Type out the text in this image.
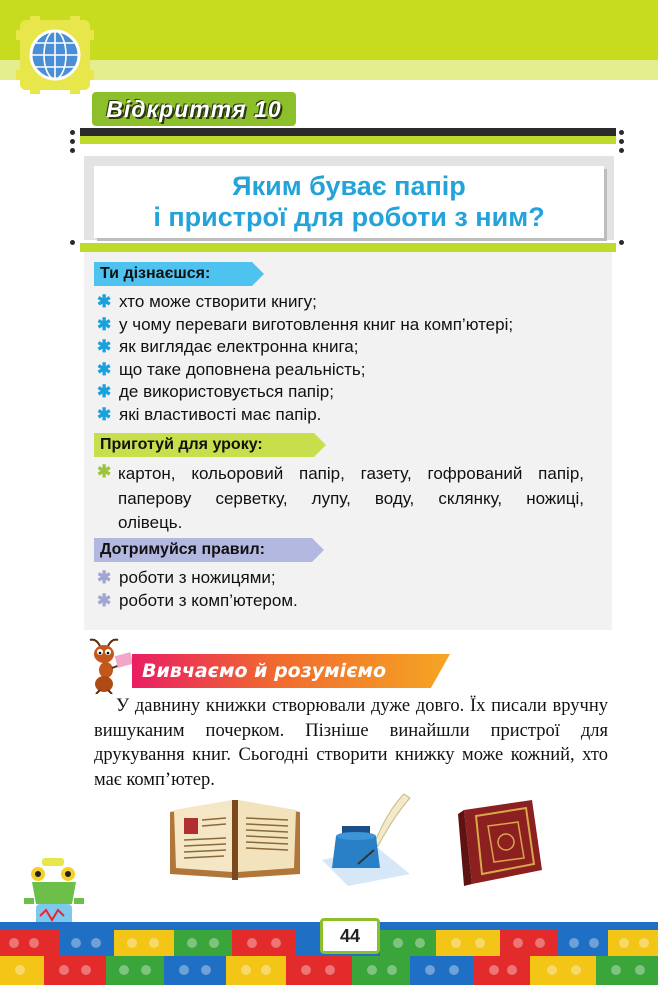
Відкриття 10
Яким буває папір
і пристрої для роботи з ним?
Ти дізнаєшся:
✱ хто може створити книгу;
✱ у чому переваги виготовлення книг на комп’ютері;
✱ як виглядає електронна книга;
✱ що таке доповнена реальність;
✱ де використовується папір;
✱ які властивості має папір.
Приготуй для уроку:
✱ картон, кольоровий папір, газету, гофрований папір, паперову серветку, лупу, воду, склянку, ножиці, олівець.
Дотримуйся правил:
✱ роботи з ножицями;
✱ роботи з комп’ютером.
Вивчаємо й розуміємо
У давнину книжки створювали дуже довго. Їх писали вручну вишуканим почерком. Пізніше винайшли пристрої для друкування книг. Сьогодні створити книжку може кожний, хто має комп’ютер.
44
